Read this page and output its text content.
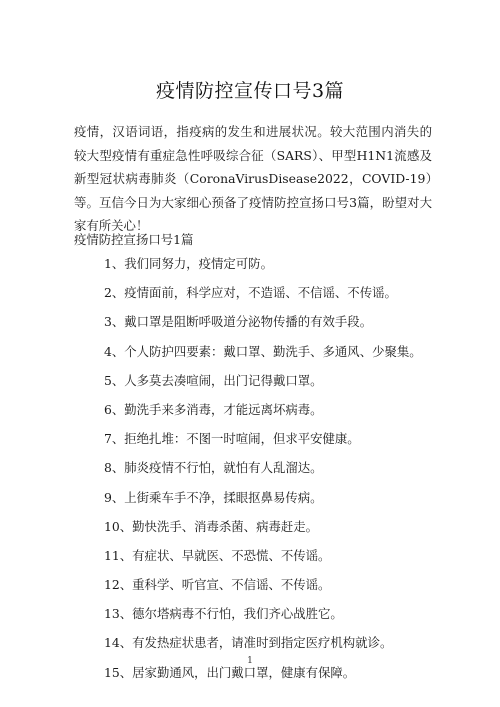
疫情防控宣传口号3篇

疫情，汉语词语，指疫病的发生和进展状况。较大范围内消失的较大型疫情有重症急性呼吸综合征（SARS）、甲型H1N1流感及新型冠状病毒肺炎（CoronaVirusDisease2022，COVID-19）等。互信今日为大家细心预备了疫情防控宣扬口号3篇，盼望对大家有所关心！

疫情防控宣扬口号1篇
1、我们同努力，疫情定可防。
2、疫情面前，科学应对，不造谣、不信谣、不传谣。
3、戴口罩是阻断呼吸道分泌物传播的有效手段。
4、个人防护四要素：戴口罩、勤洗手、多通风、少聚集。
5、人多莫去凑喧闹，出门记得戴口罩。
6、勤洗手来多消毒，才能远离坏病毒。
7、拒绝扎堆：不图一时喧闹，但求平安健康。
8、肺炎疫情不行怕，就怕有人乱溜达。
9、上街乘车手不净，揉眼抠鼻易传病。
10、勤快洗手、消毒杀菌、病毒赶走。
11、有症状、早就医、不恐慌、不传谣。
12、重科学、听官宣、不信谣、不传谣。
13、德尔塔病毒不行怕，我们齐心战胜它。
14、有发热症状患者，请准时到指定医疗机构就诊。
15、居家勤通风，出门戴口罩，健康有保障。
1
